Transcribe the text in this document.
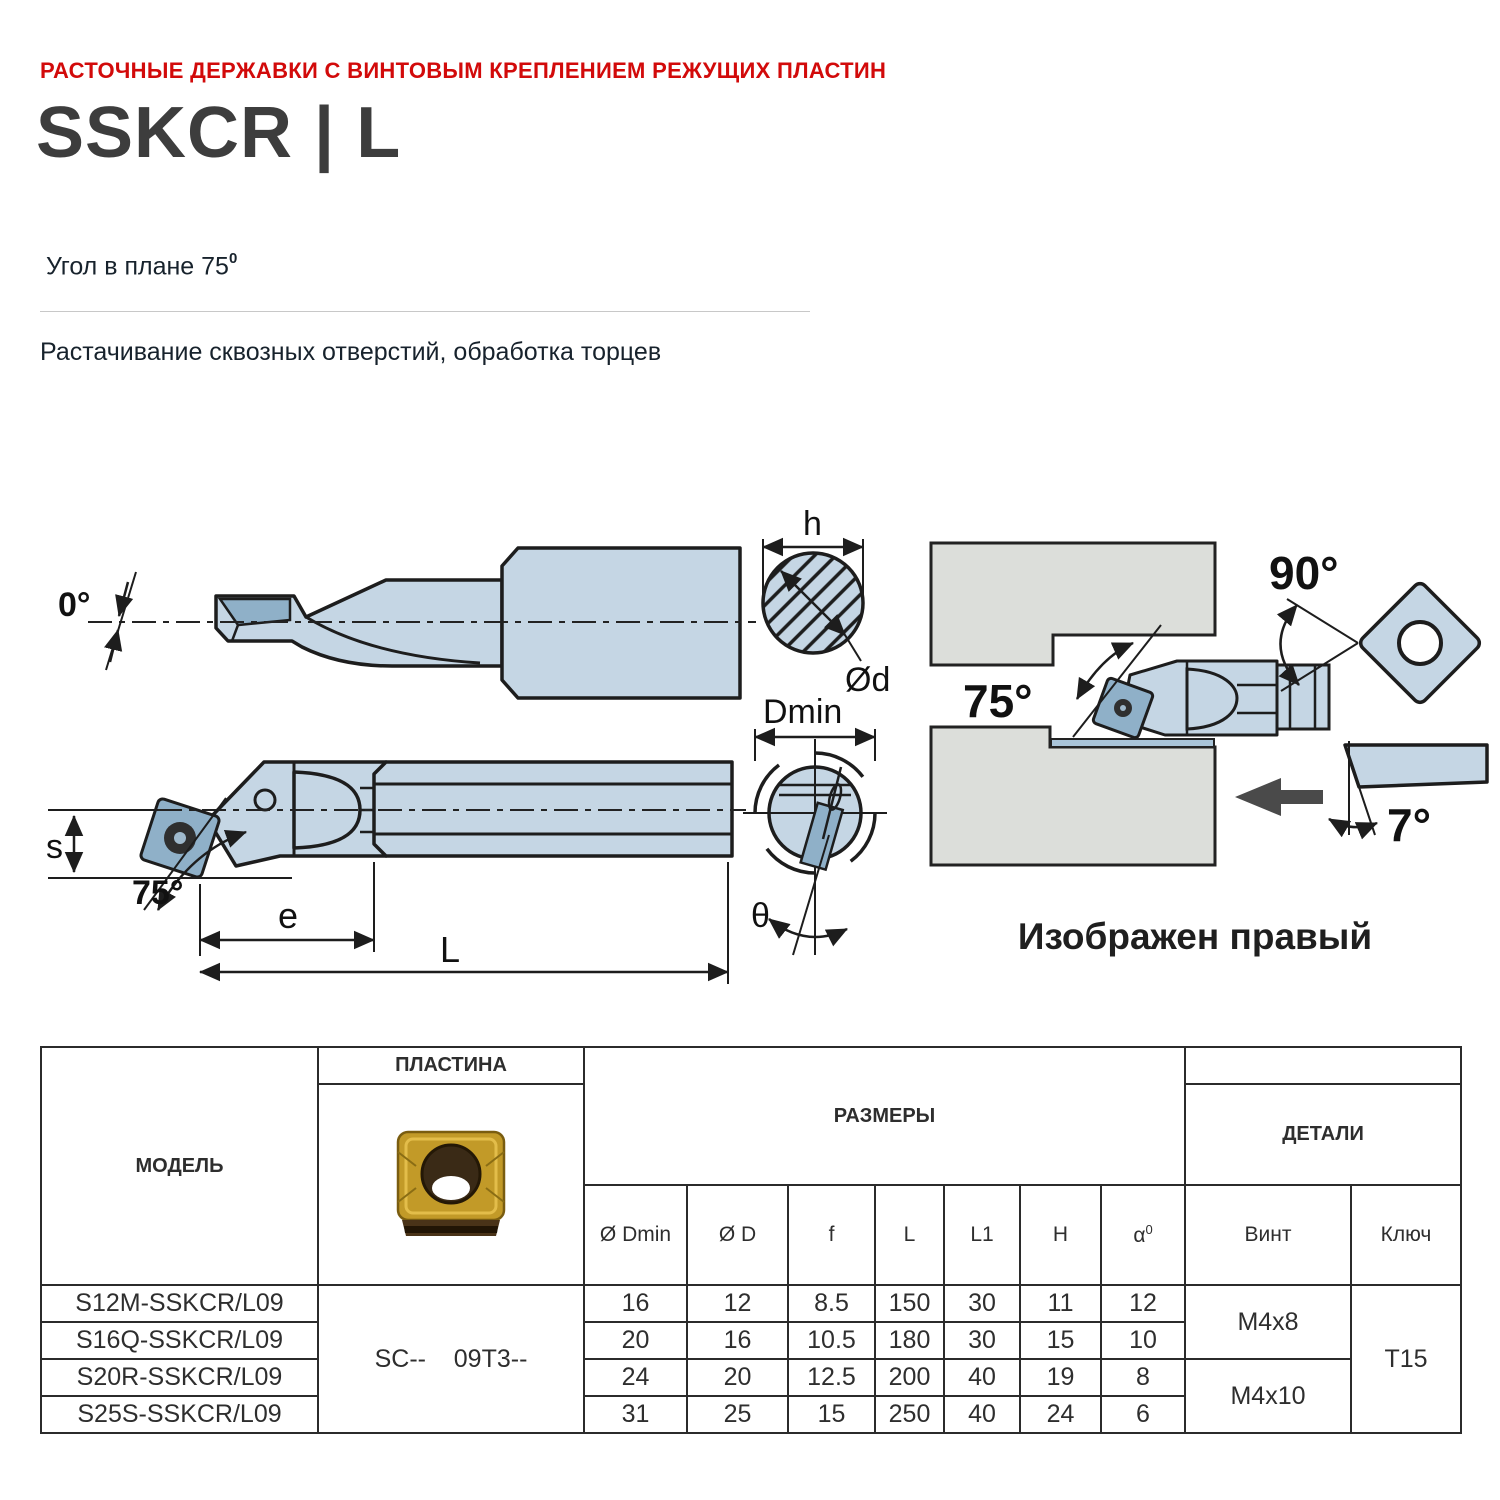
РАСТОЧНЫЕ ДЕРЖАВКИ С ВИНТОВЫМ КРЕПЛЕНИЕМ РЕЖУЩИХ ПЛАСТИН
SSKCR | L
Угол в плане $75^0$
Растачивание сквозных отверстий, обработка торцев
0°
s
75°
e
L
h
Ød
Dmin
θ
75°
90°
7°
Изображен правый
МОДЕЛЬ	ПЛАСТИНА	РАЗМЕРЫ								
	ДЕТАЛИ	
		Ø Dmin	Ø D	f	L	L1	H	$\alpha^0$	Винт	Ключ
S12M-SSKCR/L09	SC--    09T3--	16	12	8.5	150	30	11	12	M4x8	T15
S16Q-SSKCR/L09		20	16	10.5	180	30	15	10		
S20R-SSKCR/L09		24	20	12.5	200	40	19	8	M4x10	
S25S-SSKCR/L09		31	25	15	250	40	24	6		
